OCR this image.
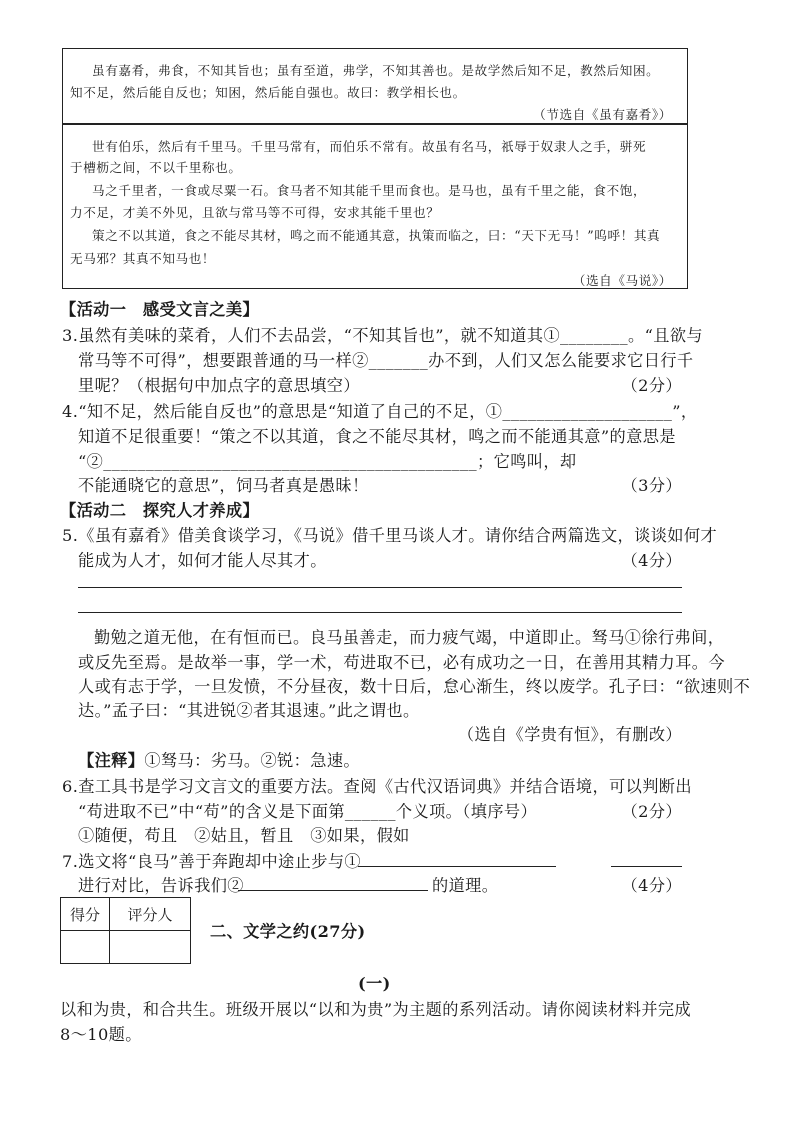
虽有嘉肴，弗食，不知其旨也；虽有至道，弗学，不知其善也。是故学然后知不足，教然后知困。
知不足，然后能自反也；知困，然后能自强也。故曰：教学相长也。
（节选自《虽有嘉肴》）
世有伯乐，然后有千里马。千里马常有，而伯乐不常有。故虽有名马，祇辱于奴隶人之手，骈死
于槽枥之间，不以千里称也。
马之千里者，一食或尽粟一石。食马者不知其能千里而食也。是马也，虽有千里之能，食不饱，
力不足，才美不外见，且欲与常马等不可得，安求其能千里也？
策之不以其道，食之不能尽其材，鸣之而不能通其意，执策而临之，曰：“天下无马！”呜呼！其真
无马邪？其真不知马也！
（选自《马说》）
【活动一　感受文言之美】
3.虽然有美味的菜肴，人们不去品尝，“不知其旨也”，就不知道其①________。“且欲与
常马等不可得”，想要跟普通的马一样②_______办不到，人们又怎么能要求它日行千
里呢？（根据句中加点字的意思填空）	（2分）
4.“知不足，然后能自反也”的意思是“知道了自己的不足，①____________________”，
知道不足很重要！“策之不以其道，食之不能尽其材，鸣之而不能通其意”的意思是
“②____________________________________________；它鸣叫，却
不能通晓它的意思”，饲马者真是愚昧！	（3分）
【活动二　探究人才养成】
5.《虽有嘉肴》借美食谈学习，《马说》借千里马谈人才。请你结合两篇选文，谈谈如何才
能成为人才，如何才能人尽其才。	（4分）
勤勉之道无他，在有恒而已。良马虽善走，而力疲气竭，中道即止。驽马①徐行弗间，
或反先至焉。是故举一事，学一术，苟进取不已，必有成功之一日，在善用其精力耳。今
人或有志于学，一旦发愤，不分昼夜，数十日后，怠心渐生，终以废学。孔子曰：“欲速则不
达。”孟子曰：“其进锐②者其退速。”此之谓也。
（选自《学贵有恒》，有删改）
【注释】①驽马：劣马。②锐：急速。
6.查工具书是学习文言文的重要方法。查阅《古代汉语词典》并结合语境，可以判断出
“苟进取不已”中“苟”的含义是下面第______个义项。（填序号）	（2分）
①随便，苟且　②姑且，暂且　③如果，假如
7.选文将“良马”善于奔跑却中途止步与①
进行对比，告诉我们②	的道理。	（4分）
得分	评分人

二、文学之约(27分)
(一)
以和为贵，和合共生。班级开展以“以和为贵”为主题的系列活动。请你阅读材料并完成
8～10题。
